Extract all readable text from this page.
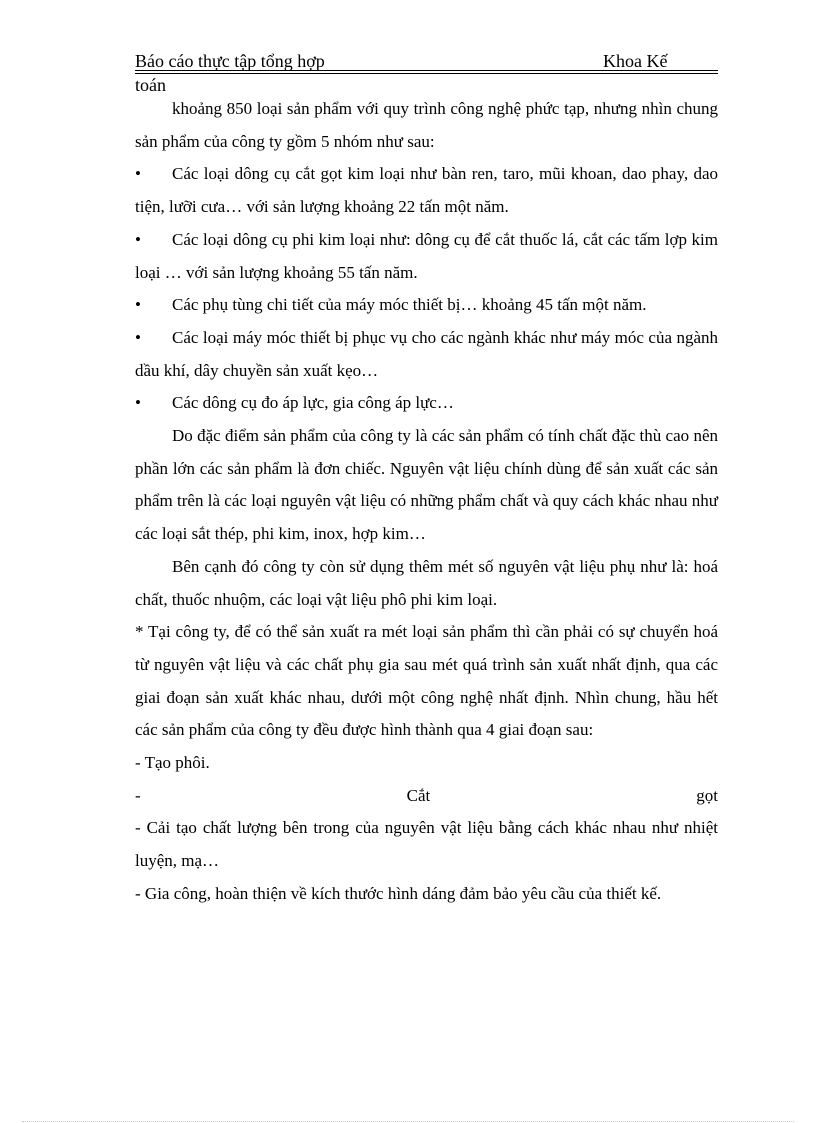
Báo cáo thực tập tổng hợp	Khoa Kế
toán

khoảng 850 loại sản phẩm với quy trình công nghệ phức tạp, nhưng nhìn chung sản phẩm của công ty gồm 5 nhóm như sau:

• Các loại dông cụ cắt gọt kim loại như bàn ren, taro, mũi khoan, dao phay, dao tiện, lưỡi cưa… với sản lượng khoảng 22 tấn một năm.

• Các loại dông cụ phi kim loại như: dông cụ để cắt thuốc lá, cắt các tấm lợp kim loại … với sản lượng khoảng 55 tấn năm.

• Các phụ tùng chi tiết của máy móc thiết bị… khoảng 45 tấn một năm.

• Các loại máy móc thiết bị phục vụ cho các ngành khác như máy móc của ngành dầu khí, dây chuyền sản xuất kẹo…

• Các dông cụ đo áp lực, gia công áp lực…

Do đặc điểm sản phẩm của công ty là các sản phẩm có tính chất đặc thù cao nên phần lớn các sản phẩm là đơn chiếc. Nguyên vật liệu chính dùng để sản xuất các sản phẩm trên là các loại nguyên vật liệu có những phẩm chất và quy cách khác nhau như các loại sắt thép, phi kim, inox, hợp kim…

Bên cạnh đó công ty còn sử dụng thêm mét số nguyên vật liệu phụ như là: hoá chất, thuốc nhuộm, các loại vật liệu phô phi kim loại.

* Tại công ty, để có thể sản xuất ra mét loại sản phẩm thì cần phải có sự chuyển hoá từ nguyên vật liệu và các chất phụ gia sau mét quá trình sản xuất nhất định, qua các giai đoạn sản xuất khác nhau, dưới một công nghệ nhất định. Nhìn chung, hầu hết các sản phẩm của công ty đều được hình thành qua 4 giai đoạn sau:

- Tạo phôi.

- Cắt gọt

- Cải tạo chất lượng bên trong của nguyên vật liệu bằng cách khác nhau như nhiệt luyện, mạ…

- Gia công, hoàn thiện về kích thước hình dáng đảm bảo yêu cầu của thiết kế.
